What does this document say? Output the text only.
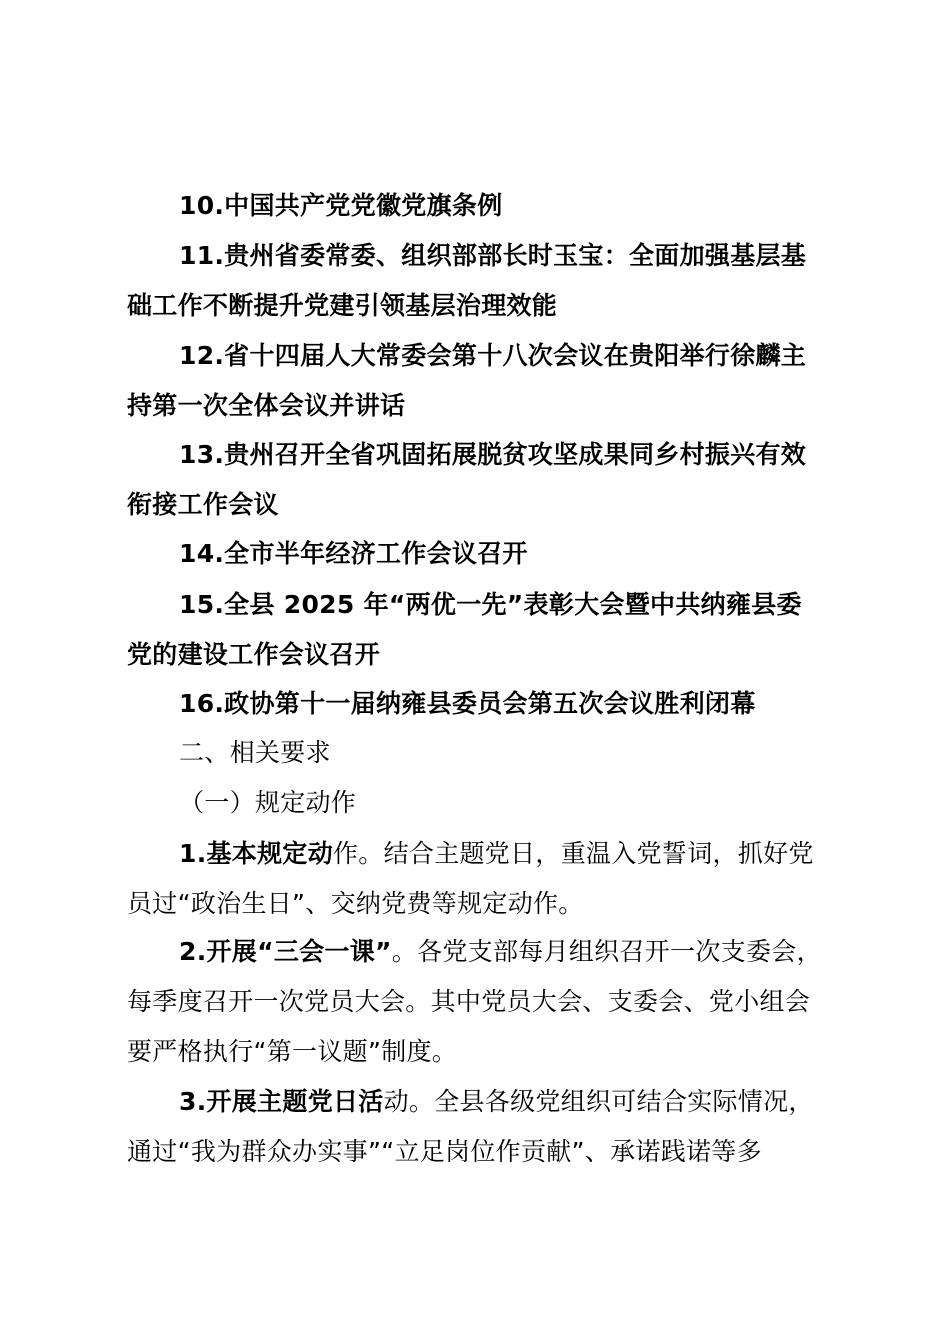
10.中国共产党党徽党旗条例
11.贵州省委常委、组织部部长时玉宝：全面加强基层基
础工作不断提升党建引领基层治理效能
12.省十四届人大常委会第十八次会议在贵阳举行徐麟主
持第一次全体会议并讲话
13.贵州召开全省巩固拓展脱贫攻坚成果同乡村振兴有效
衔接工作会议
14.全市半年经济工作会议召开
15.全县 2025 年“两优一先”表彰大会暨中共纳雍县委
党的建设工作会议召开
16.政协第十一届纳雍县委员会第五次会议胜利闭幕
二、相关要求
（一）规定动作
1.基本规定动作。结合主题党日，重温入党誓词，抓好党
员过“政治生日”、交纳党费等规定动作。
2.开展“三会一课”。各党支部每月组织召开一次支委会，
每季度召开一次党员大会。其中党员大会、支委会、党小组会
要严格执行“第一议题”制度。
3.开展主题党日活动。全县各级党组织可结合实际情况，
通过“我为群众办实事”“立足岗位作贡献”、承诺践诺等多
